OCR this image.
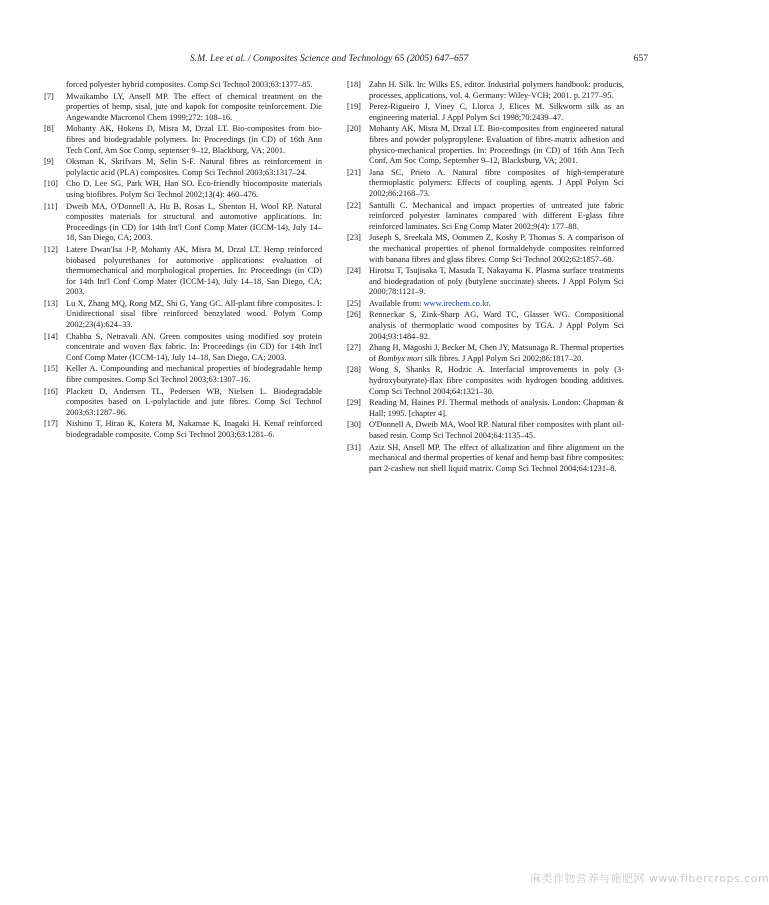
S.M. Lee et al. / Composites Science and Technology 65 (2005) 647–657	657
forced polyester hybrid composites. Comp Sci Technol 2003;63:1377–85.
[7] Mwaikambo LY, Ansell MP. The effect of chemical treatment on the properties of hemp, sisal, jute and kapok for composite reinforcement. Die Angewandte Macromol Chem 1999;272: 108–16.
[8] Mohanty AK, Hokens D, Misra M, Drzal LT. Bio-composites from bio-fibres and biodegradable polymers. In: Proceedings (in CD) of 16th Ann Tech Conf, Am Soc Comp, septenser 9–12, Blackburg, VA; 2001.
[9] Oksman K, Skrifvars M, Selin S-F. Natural fibres as reinforcement in polylactic acid (PLA) composites. Comp Sci Technol 2003;63:1317–24.
[10] Cho D, Lee SG, Park WH, Han SO. Eco-friendly biocomposite materials using biofibres. Polym Sci Technol 2002;13(4): 460–476.
[11] Dweib MA, O'Donnell A, Hu B, Rosas L, Shenton H, Wool RP. Natural composites materials for structural and automotive applications. In: Proceedings (in CD) for 14th Int'l Conf Comp Mater (ICCM-14), July 14–18, San Diego, CA; 2003.
[12] Latere Dwan'Isa J-P, Mohanty AK, Misra M, Drzal LT. Hemp reinforced biobased polyurethanes for automotive applications: evaluation of thermomechanical and morphological properties. In: Proceedings (in CD) for 14th Int'l Conf Comp Mater (ICCM-14), July 14–18, San Diego, CA; 2003.
[13] Lu X, Zhang MQ, Rong MZ, Shi G, Yang GC. All-plant fibre composites. I: Unidirectional sisal fibre reinforced benzylated wood. Polym Comp 2002;23(4):624–33.
[14] Chabba S, Netravali AN. Green composites using modified soy protein concentrate and woven flax fabric. In: Proceedings (in CD) for 14th Int'l Conf Comp Mater (ICCM-14), July 14–18, San Diego, CA; 2003.
[15] Keller A. Compounding and mechanical properties of biodegradable hemp fibre composites. Comp Sci Technol 2003;63:1307–16.
[16] Plackett D, Andersen TL, Pedersen WB, Nielsen L. Biodegradable composites based on L-polylactide and jute fibres. Comp Sci Technol 2003;63:1287–96.
[17] Nishino T, Hirao K, Kotera M, Nakamae K, Inagaki H. Kenaf reinforced biodegradable composite. Comp Sci Technol 2003;63:1281–6.
[18] Zahn H. Silk. In: Wilks ES, editor. Industrial polymers handbook: products, processes, applications, vol. 4. Germany: Wiley-VCH; 2001. p. 2177–95.
[19] Perez-Rigueiro J, Viney C, Llorca J, Elices M. Silkworm silk as an engineering material. J Appl Polym Sci 1998;70:2439–47.
[20] Mohanty AK, Misra M, Drzal LT. Bio-composites from engineered natural fibres and powder polypropylene: Evaluation of fibre–matrix adhesion and physico-mechanical properties. In: Proceedings (in CD) of 16th Ann Tech Conf, Am Soc Comp, September 9–12, Blacksburg, VA; 2001.
[21] Jana SC, Prieto A. Natural fibre composites of high-temperature thermoplastic polymers: Effects of coupling agents. J Appl Polym Sci 2002;86:2168–73.
[22] Santulli C. Mechanical and impact properties of untreated jute fabric reinforced polyester laminates compared with different E-glass fibre reinforced laminates. Sci Eng Comp Mater 2002;9(4): 177–88.
[23] Joseph S, Sreekala MS, Oommen Z, Koshy P, Thomas S. A comparison of the mechanical properties of phenol formaldehyde composites reinforced with banana fibres and glass fibres. Comp Sci Technol 2002;62:1857–68.
[24] Hirotsu T, Tsujisaka T, Masuda T, Nakayama K. Plasma surface treatments and biodegradation of poly (butylene succinate) sheets. J Appl Polym Sci 2000;78:1121–9.
[25] Available from: www.irechem.co.kr.
[26] Renneckar S, Zink-Sharp AG, Ward TC, Glasser WG. Compositional analysis of thermoplatic wood composites by TGA. J Appl Polym Sci 2004;93:1484–92.
[27] Zhang H, Magoshi J, Becker M, Chen JY, Matsunaga R. Thermal properties of Bombyx mori silk fibres. J Appl Polym Sci 2002;86:1817–20.
[28] Wong S, Shanks R, Hodzic A. Interfacial improvements in poly (3-hydroxybutyrate)-flax fibre composites with hydrogen bonding additives. Comp Sci Technol 2004;64:1321–30.
[29] Reading M, Haines PJ. Thermal methods of analysis. London: Chapman & Hall; 1995. [chapter 4].
[30] O'Donnell A, Dweib MA, Wool RP. Natural fiber composites with plant oil-based resin. Comp Sci Technol 2004;64:1135–45.
[31] Aziz SH, Ansell MP. The effect of alkalization and fibre alignment on the mechanical and thermal properties of kenaf and hemp bast fibre composites: part 2-cashew nut shell liquid matrix. Comp Sci Technol 2004;64:1231–8.
麻类作物营养与施肥网 www.fibercrops.com
